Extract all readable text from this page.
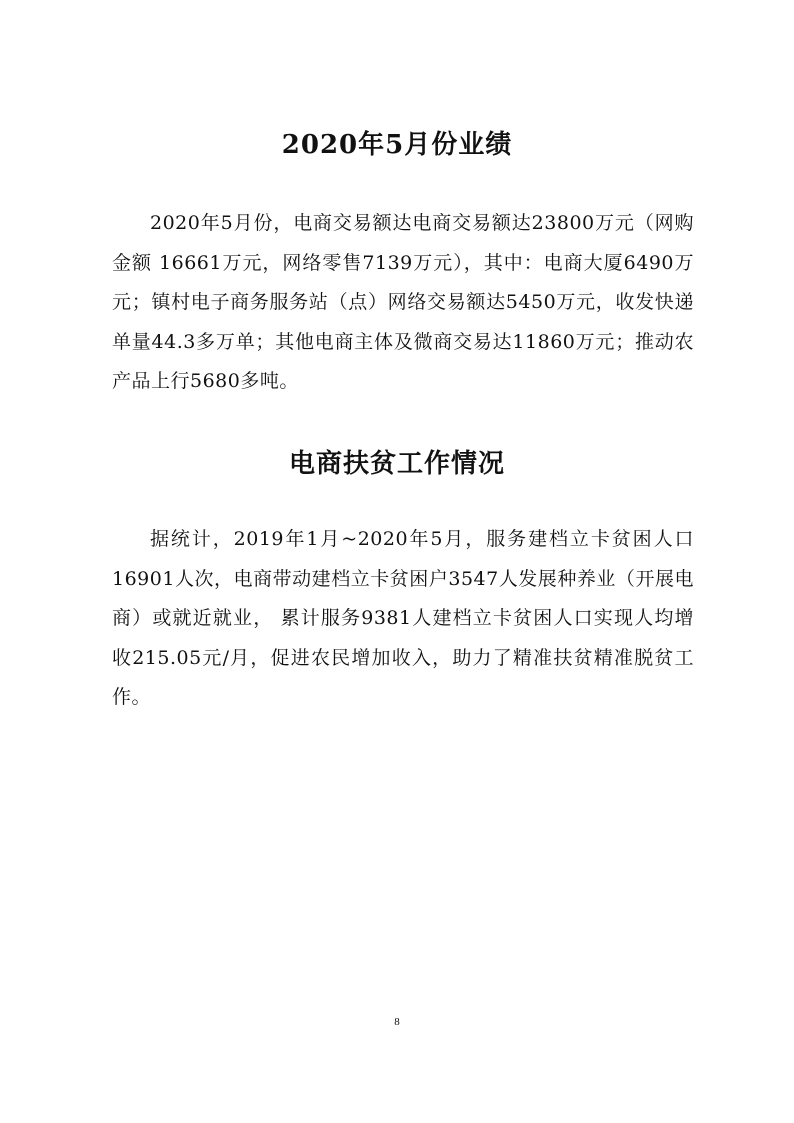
2020年5月份业绩

2020年5月份，电商交易额达电商交易额达23800万元（网购金额 16661万元，网络零售7139万元），其中：电商大厦6490万元；镇村电子商务服务站（点）网络交易额达5450万元，收发快递单量44.3多万单；其他电商主体及微商交易达11860万元；推动农产品上行5680多吨。

电商扶贫工作情况

据统计，2019年1月~2020年5月，服务建档立卡贫困人口16901人次，电商带动建档立卡贫困户3547人发展种养业（开展电商）或就近就业， 累计服务9381人建档立卡贫困人口实现人均增收215.05元/月，促进农民增加收入，助力了精准扶贫精准脱贫工作。

8
